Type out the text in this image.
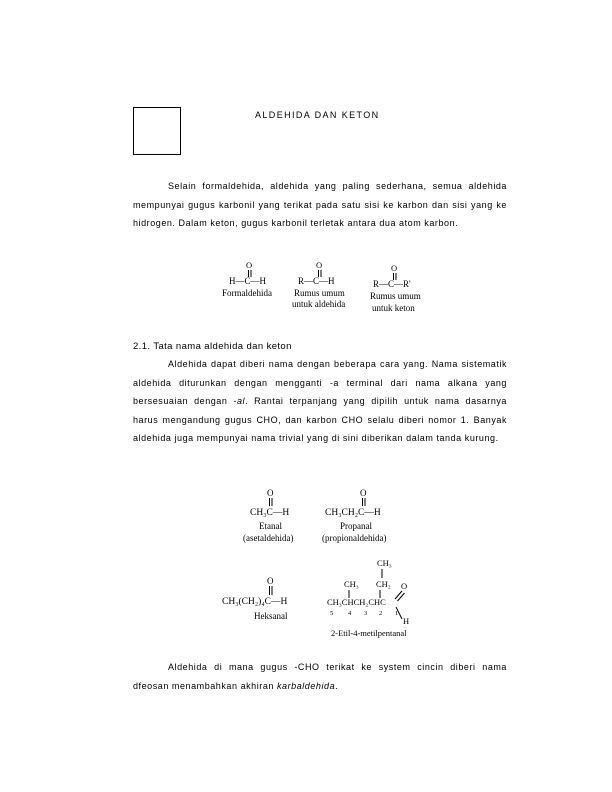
ALDEHIDA DAN KETON

Selain formaldehida, aldehida yang paling sederhana, semua aldehida mempunyai gugus karbonil yang terikat pada satu sisi ke karbon dan sisi yang ke hidrogen. Dalam keton, gugus karbonil terletak antara dua atom karbon.

O
H—C—H
Formaldehida
O
R—C—H
Rumus umum
untuk aldehida
O
R—C—R'
Rumus umum
untuk keton
2.1. Tata nama aldehida dan keton

Aldehida dapat diberi nama dengan beberapa cara yang. Nama sistematik aldehida diturunkan dengan mengganti -a terminal dari nama alkana yang bersesuaian dengan -al. Rantai terpanjang yang dipilih untuk nama dasarnya harus mengandung gugus CHO, dan karbon CHO selalu diberi nomor 1. Banyak aldehida juga mempunyai nama trivial yang di sini diberikan dalam tanda kurung.

O
CH₃C—H
Etanal
(asetaldehida)
O
CH₃CH₂C—H
Propanal
(propionaldehida)
O
CH₃(CH₂)₄C—H
Heksanal
CH₃
CH₃ CH₂ O
CH₃CHCH₂CHC
H
5 4 3 2 1
2-Etil-4-metilpentanal

Aldehida di mana gugus -CHO terikat ke system cincin diberi nama dfeosan menambahkan akhiran karbaldehida.
